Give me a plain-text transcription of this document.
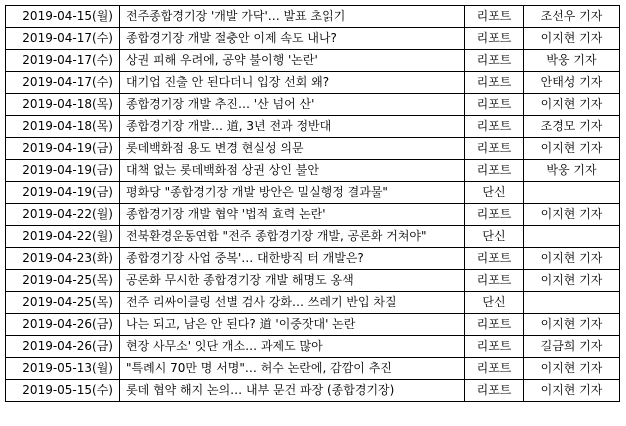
2019-04-15(월)	전주종합경기장 '개발 가닥'… 발표 초읽기	리포트	조선우 기자
2019-04-17(수)	종합경기장 개발 절충안 이제 속도 내나?	리포트	이지현 기자
2019-04-17(수)	상권 피해 우려에, 공약 불이행 '논란'	리포트	박웅 기자
2019-04-17(수)	대기업 진출 안 된다더니 입장 선회 왜?	리포트	안태성 기자
2019-04-18(목)	종합경기장 개발 추진… '산 넘어 산'	리포트	이지현 기자
2019-04-18(목)	종합경기장 개발… 道, 3년 전과 정반대	리포트	조경모 기자
2019-04-19(금)	롯데백화점 용도 변경 현실성 의문	리포트	이지현 기자
2019-04-19(금)	대책 없는 롯데백화점 상권 상인 불안	리포트	박웅 기자
2019-04-19(금)	평화당 "종합경기장 개발 방안은 밀실행정 결과물"	단신	
2019-04-22(월)	종합경기장 개발 협약 '법적 효력 논란'	리포트	이지현 기자
2019-04-22(월)	전북환경운동연합 "전주 종합경기장 개발, 공론화 거쳐야"	단신	
2019-04-23(화)	종합경기장 사업 중복'… 대한방직 터 개발은?	리포트	이지현 기자
2019-04-25(목)	공론화 무시한 종합경기장 개발 해명도 옹색	리포트	이지현 기자
2019-04-25(목)	전주 리싸이클링 선별 검사 강화… 쓰레기 반입 차질	단신	
2019-04-26(금)	나는 되고, 남은 안 된다? 道 '이중잣대' 논란	리포트	이지현 기자
2019-04-26(금)	현장 사무소' 잇단 개소… 과제도 많아	리포트	길금희 기자
2019-05-13(월)	"특례시 70만 명 서명"… 허수 논란에, 감깜이 추진	리포트	이지현 기자
2019-05-15(수)	롯데 협약 해지 논의… 내부 문건 파장 (종합경기장)	리포트	이지현 기자
